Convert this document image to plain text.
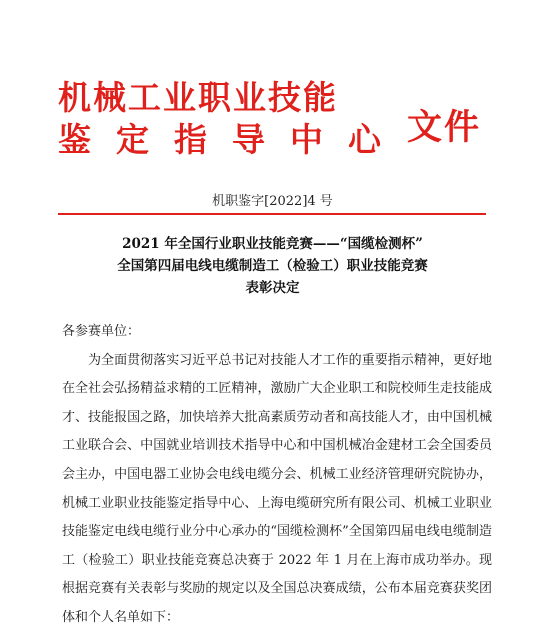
机械工业职业技能
鉴定指导中心 文件
机职鉴字[2022]4 号
2021 年全国行业职业技能竞赛——“国缆检测杯”
全国第四届电线电缆制造工（检验工）职业技能竞赛
表彰决定

各参赛单位：

为全面贯彻落实习近平总书记对技能人才工作的重要指示精神，更好地在全社会弘扬精益求精的工匠精神，激励广大企业职工和院校师生走技能成才、技能报国之路，加快培养大批高素质劳动者和高技能人才，由中国机械工业联合会、中国就业培训技术指导中心和中国机械冶金建材工会全国委员会主办，中国电器工业协会电线电缆分会、机械工业经济管理研究院协办，机械工业职业技能鉴定指导中心、上海电缆研究所有限公司、机械工业职业技能鉴定电线电缆行业分中心承办的“国缆检测杯”全国第四届电线电缆制造工（检验工）职业技能竞赛总决赛于 2022 年 1 月在上海市成功举办。现根据竞赛有关表彰与奖励的规定以及全国总决赛成绩，公布本届竞赛获奖团体和个人名单如下：
